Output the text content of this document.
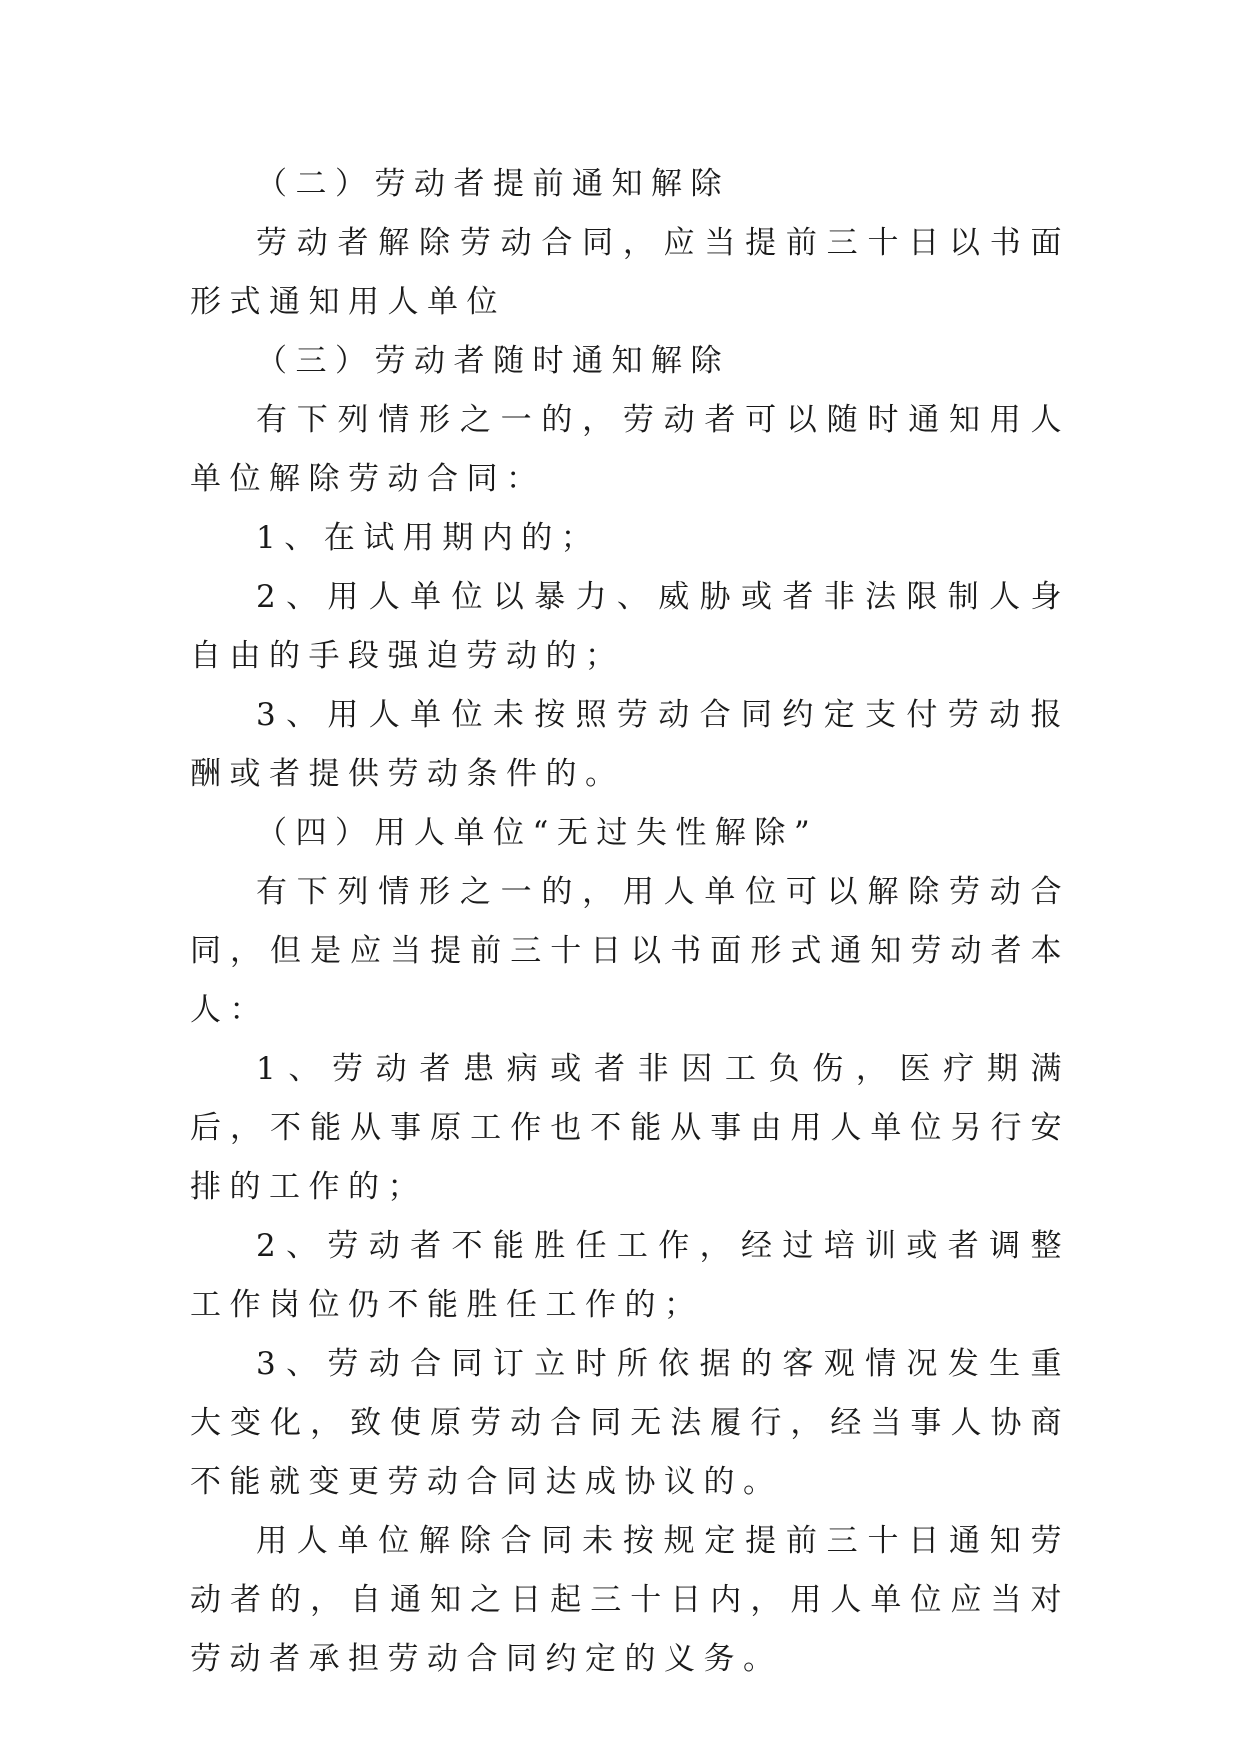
（二）劳动者提前通知解除

劳动者解除劳动合同，应当提前三十日以书面形式通知用人单位

（三）劳动者随时通知解除

有下列情形之一的，劳动者可以随时通知用人单位解除劳动合同：

1、在试用期内的；

2、用人单位以暴力、威胁或者非法限制人身自由的手段强迫劳动的；

3、用人单位未按照劳动合同约定支付劳动报酬或者提供劳动条件的。

（四）用人单位“无过失性解除”

有下列情形之一的，用人单位可以解除劳动合同，但是应当提前三十日以书面形式通知劳动者本人：

1、劳动者患病或者非因工负伤，医疗期满后，不能从事原工作也不能从事由用人单位另行安排的工作的；

2、劳动者不能胜任工作，经过培训或者调整工作岗位仍不能胜任工作的；

3、劳动合同订立时所依据的客观情况发生重大变化，致使原劳动合同无法履行，经当事人协商不能就变更劳动合同达成协议的。

用人单位解除合同未按规定提前三十日通知劳动者的，自通知之日起三十日内，用人单位应当对劳动者承担劳动合同约定的义务。
